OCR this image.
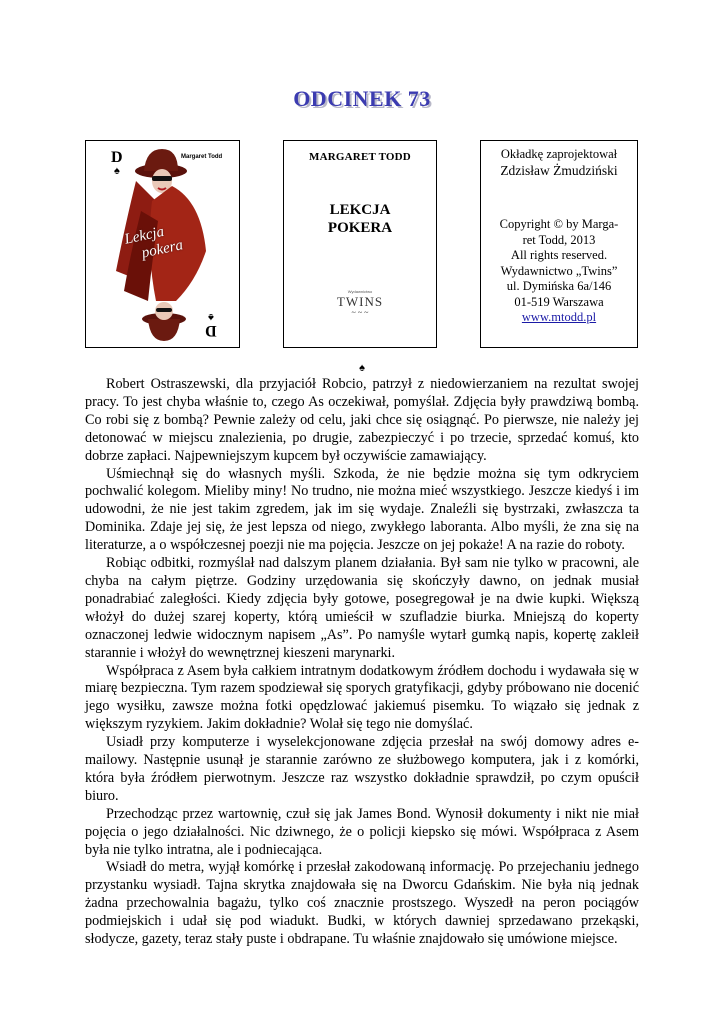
ODCINEK 73
D
♠
D
♠
Margaret Todd
Lekcja
pokera
MARGARET TODD
LEKCJA
POKERA
Wydawnictwo
TWINS
~ ~ ~
Okładkę zaprojektował
Zdzisław Żmudziński
Copyright © by Marga-
ret Todd, 2013
All rights reserved.
Wydawnictwo „Twins”
ul. Dymińska 6a/146
01-519 Warszawa
www.mtodd.pl
♠

Robert Ostraszewski, dla przyjaciół Robcio, patrzył z niedowierzaniem na rezultat swojej pracy. To jest chyba właśnie to, czego As oczekiwał, pomyślał. Zdjęcia były prawdziwą bombą. Co robi się z bombą? Pewnie zależy od celu, jaki chce się osiągnąć. Po pierwsze, nie należy jej detonować w miejscu znalezienia, po drugie, zabezpieczyć i po trzecie, sprzedać komuś, kto dobrze zapłaci. Najpewniejszym kupcem był oczywiście zamawiający.

Uśmiechnął się do własnych myśli. Szkoda, że nie będzie można się tym odkryciem pochwalić kolegom. Mieliby miny! No trudno, nie można mieć wszystkiego. Jeszcze kiedyś i im udowodni, że nie jest takim zgredem, jak im się wydaje. Znaleźli się bystrzaki, zwłaszcza ta Dominika. Zdaje jej się, że jest lepsza od niego, zwykłego laboranta. Albo myśli, że zna się na literaturze, a o współczesnej poezji nie ma pojęcia. Jeszcze on jej pokaże! A na razie do roboty.

Robiąc odbitki, rozmyślał nad dalszym planem działania. Był sam nie tylko w pracowni, ale chyba na całym piętrze. Godziny urzędowania się skończyły dawno, on jednak musiał ponadrabiać zaległości. Kiedy zdjęcia były gotowe, posegregował je na dwie kupki. Większą włożył do dużej szarej koperty, którą umieścił w szufladzie biurka. Mniejszą do koperty oznaczonej ledwie widocznym napisem „As”. Po namyśle wytarł gumką napis, kopertę zakleił starannie i włożył do wewnętrznej kieszeni marynarki.

Współpraca z Asem była całkiem intratnym dodatkowym źródłem dochodu i wydawała się w miarę bezpieczna. Tym razem spodziewał się sporych gratyfikacji, gdyby próbowano nie docenić jego wysiłku, zawsze można fotki opędzlować jakiemuś pisemku. To wiązało się jednak z większym ryzykiem. Jakim dokładnie? Wolał się tego nie domyślać.

Usiadł przy komputerze i wyselekcjonowane zdjęcia przesłał na swój domowy adres e-mailowy. Następnie usunął je starannie zarówno ze służbowego komputera, jak i z komórki, która była źródłem pierwotnym. Jeszcze raz wszystko dokładnie sprawdził, po czym opuścił biuro.

Przechodząc przez wartownię, czuł się jak James Bond. Wynosił dokumenty i nikt nie miał pojęcia o jego działalności. Nic dziwnego, że o policji kiepsko się mówi. Współpraca z Asem była nie tylko intratna, ale i podniecająca.

Wsiadł do metra, wyjął komórkę i przesłał zakodowaną informację. Po przejechaniu jednego przystanku wysiadł. Tajna skrytka znajdowała się na Dworcu Gdańskim. Nie była nią jednak żadna przechowalnia bagażu, tylko coś znacznie prostszego. Wyszedł na peron pociągów podmiejskich i udał się pod wiadukt. Budki, w których dawniej sprzedawano przekąski, słodycze, gazety, teraz stały puste i obdrapane. Tu właśnie znajdowało się umówione miejsce.
